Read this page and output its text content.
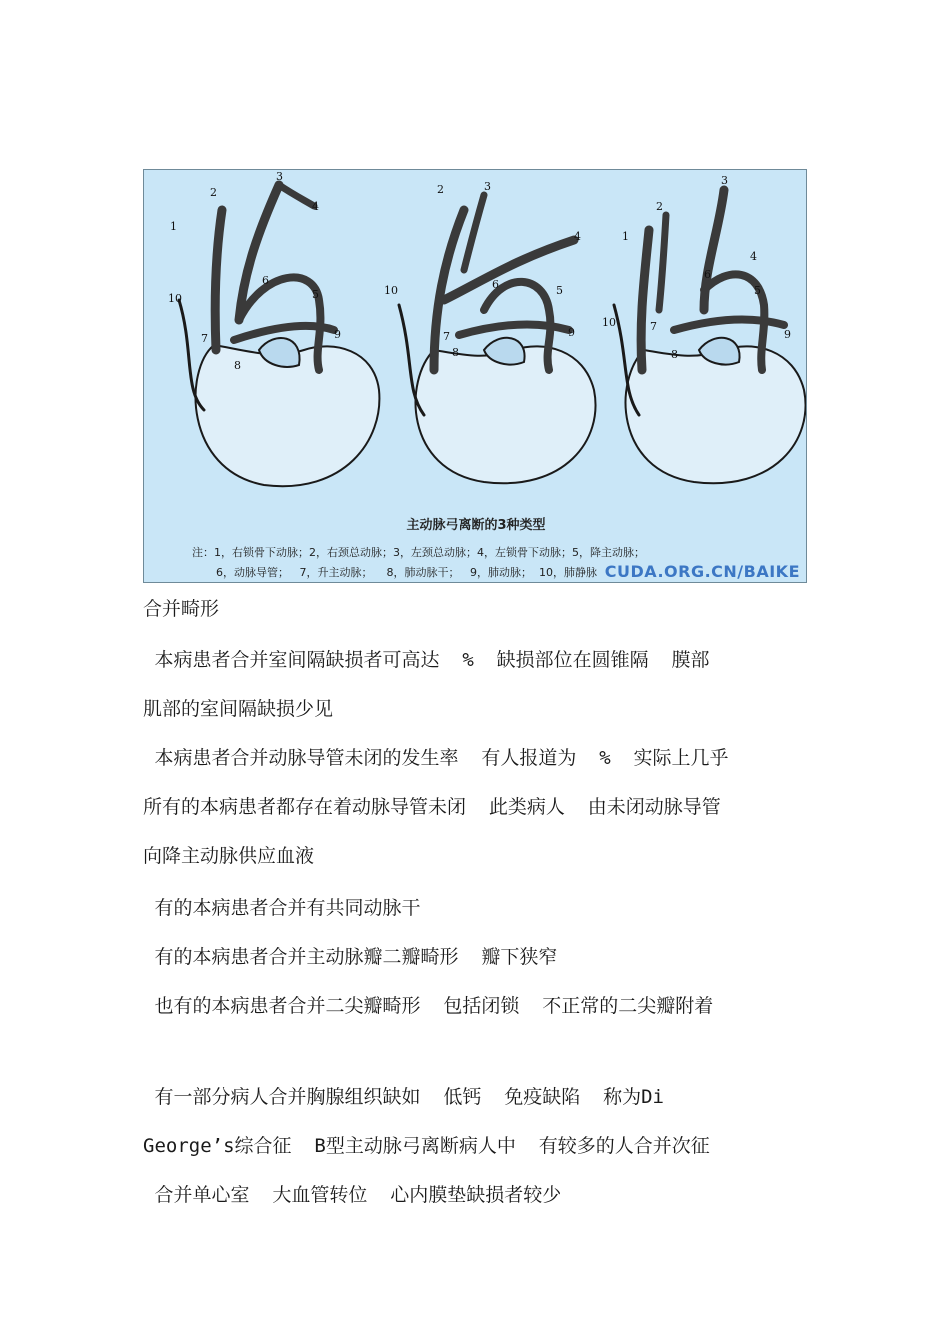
1
2
3
4
5
6
7
8
9
10
2	3
4
5
6
7
8
9
10
1
2
3
4
5
6
7
8
9
10
主动脉弓离断的3种类型
注：1，右锁骨下动脉；2，右颈总动脉；3，左颈总动脉；4，左锁骨下动脉；5，降主动脉；
6，动脉导管；   7，升主动脉；    8，肺动脉干；   9，肺动脉；  10，肺静脉 CUDA.ORG.CN/BAIKE
合并畸形
本病患者合并室间隔缺损者可高达  %  缺损部位在圆锥隔  膜部
肌部的室间隔缺损少见
本病患者合并动脉导管未闭的发生率  有人报道为  %  实际上几乎
所有的本病患者都存在着动脉导管未闭  此类病人  由未闭动脉导管
向降主动脉供应血液
有的本病患者合并有共同动脉干
有的本病患者合并主动脉瓣二瓣畸形  瓣下狭窄
也有的本病患者合并二尖瓣畸形  包括闭锁  不正常的二尖瓣附着
有一部分病人合并胸腺组织缺如  低钙  免疫缺陷  称为Di
George’s综合征  B型主动脉弓离断病人中  有较多的人合并次征
合并单心室  大血管转位  心内膜垫缺损者较少
